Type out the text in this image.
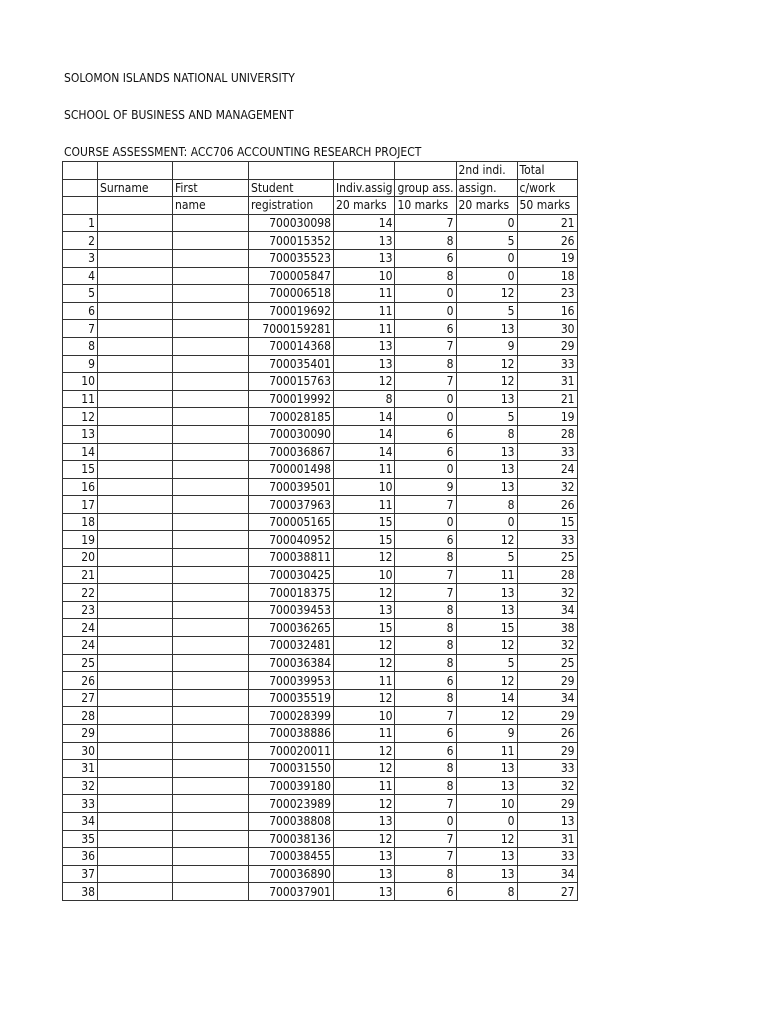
SOLOMON ISLANDS NATIONAL UNIVERSITY
SCHOOL OF BUSINESS AND MANAGEMENT
COURSE ASSESSMENT: ACC706 ACCOUNTING RESEARCH PROJECT
						2nd indi.	Total
	Surname	First	Student	Indiv.assig	group ass.	assign.	c/work
		name	registration	20 marks	10 marks	20 marks	50 marks
1			700030098	14	7	0	21
2			700015352	13	8	5	26
3			700035523	13	6	0	19
4			700005847	10	8	0	18
5			700006518	11	0	12	23
6			700019692	11	0	5	16
7			7000159281	11	6	13	30
8			700014368	13	7	9	29
9			700035401	13	8	12	33
10			700015763	12	7	12	31
11			700019992	8	0	13	21
12			700028185	14	0	5	19
13			700030090	14	6	8	28
14			700036867	14	6	13	33
15			700001498	11	0	13	24
16			700039501	10	9	13	32
17			700037963	11	7	8	26
18			700005165	15	0	0	15
19			700040952	15	6	12	33
20			700038811	12	8	5	25
21			700030425	10	7	11	28
22			700018375	12	7	13	32
23			700039453	13	8	13	34
24			700036265	15	8	15	38
24			700032481	12	8	12	32
25			700036384	12	8	5	25
26			700039953	11	6	12	29
27			700035519	12	8	14	34
28			700028399	10	7	12	29
29			700038886	11	6	9	26
30			700020011	12	6	11	29
31			700031550	12	8	13	33
32			700039180	11	8	13	32
33			700023989	12	7	10	29
34			700038808	13	0	0	13
35			700038136	12	7	12	31
36			700038455	13	7	13	33
37			700036890	13	8	13	34
38			700037901	13	6	8	27
